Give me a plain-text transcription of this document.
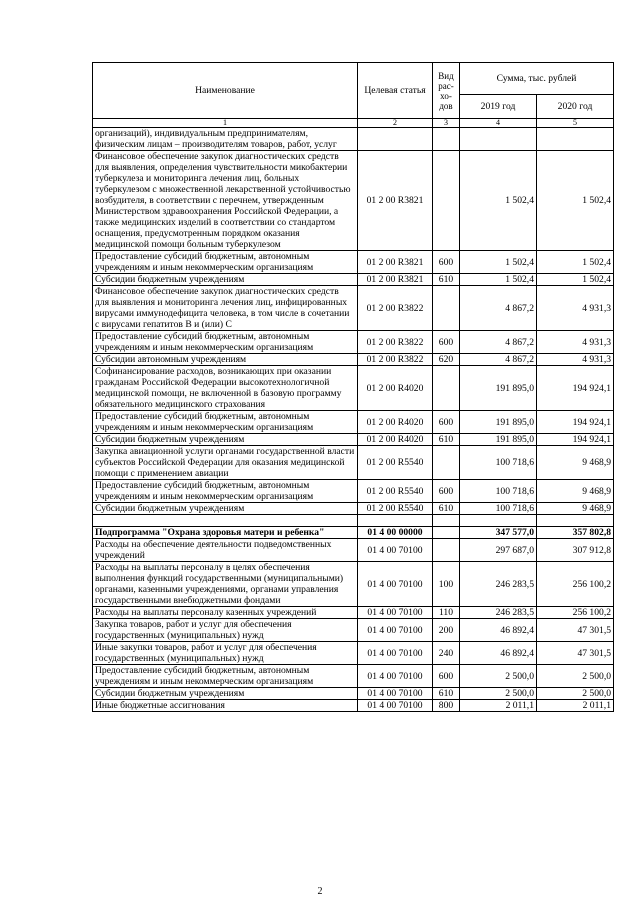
Наименование	Целевая статья	Вид рас-хо-дов	Сумма, тыс. рублей	
			2019 год	2020 год
1	2	3	4	5
организаций), индивидуальным предпринимателям, физическим лицам – производителям товаров, работ, услуг				
Финансовое обеспечение закупок диагностических средств для выявления, определения чувствительности микобактерии туберкулеза и мониторинга лечения лиц, больных туберкулезом с множественной лекарственной устойчивостью возбудителя, в соответствии с перечнем, утвержденным Министерством здравоохранения Российской Федерации, а также медицинских изделий в соответствии со стандартом оснащения, предусмотренным порядком оказания медицинской помощи больным туберкулезом	01 2 00 R3821		1 502,4	1 502,4
Предоставление субсидий бюджетным, автономным учреждениям и иным некоммерческим организациям	01 2 00 R3821	600	1 502,4	1 502,4
Субсидии бюджетным учреждениям	01 2 00 R3821	610	1 502,4	1 502,4
Финансовое обеспечение закупок диагностических средств для выявления и мониторинга лечения лиц, инфицированных вирусами иммунодефицита человека, в том числе в сочетании с вирусами гепатитов В и (или) С	01 2 00 R3822		4 867,2	4 931,3
Предоставление субсидий бюджетным, автономным учреждениям и иным некоммерческим организациям	01 2 00 R3822	600	4 867,2	4 931,3
Субсидии автономным учреждениям	01 2 00 R3822	620	4 867,2	4 931,3
Софинансирование расходов, возникающих при оказании гражданам Российской Федерации высокотехнологичной медицинской помощи, не включенной в базовую программу обязательного медицинского страхования	01 2 00 R4020		191 895,0	194 924,1
Предоставление субсидий бюджетным, автономным учреждениям и иным некоммерческим организациям	01 2 00 R4020	600	191 895,0	194 924,1
Субсидии бюджетным учреждениям	01 2 00 R4020	610	191 895,0	194 924,1
Закупка авиационной услуги органами государственной власти субъектов Российской Федерации для оказания медицинской помощи с применением авиации	01 2 00 R5540		100 718,6	9 468,9
Предоставление субсидий бюджетным, автономным учреждениям и иным некоммерческим организациям	01 2 00 R5540	600	100 718,6	9 468,9
Субсидии бюджетным учреждениям	01 2 00 R5540	610	100 718,6	9 468,9

Подпрограмма "Охрана здоровья матери и ребенка"	01 4 00 00000		347 577,0	357 802,8
Расходы на обеспечение деятельности подведомственных учреждений	01 4 00 70100		297 687,0	307 912,8
Расходы на выплаты персоналу в целях обеспечения выполнения функций государственными (муниципальными) органами, казенными учреждениями, органами управления государственными внебюджетными фондами	01 4 00 70100	100	246 283,5	256 100,2
Расходы на выплаты персоналу казенных учреждений	01 4 00 70100	110	246 283,5	256 100,2
Закупка товаров, работ и услуг для обеспечения государственных (муниципальных) нужд	01 4 00 70100	200	46 892,4	47 301,5
Иные закупки товаров, работ и услуг для обеспечения государственных (муниципальных) нужд	01 4 00 70100	240	46 892,4	47 301,5
Предоставление субсидий бюджетным, автономным учреждениям и иным некоммерческим организациям	01 4 00 70100	600	2 500,0	2 500,0
Субсидии бюджетным учреждениям	01 4 00 70100	610	2 500,0	2 500,0
Иные бюджетные ассигнования	01 4 00 70100	800	2 011,1	2 011,1
2
